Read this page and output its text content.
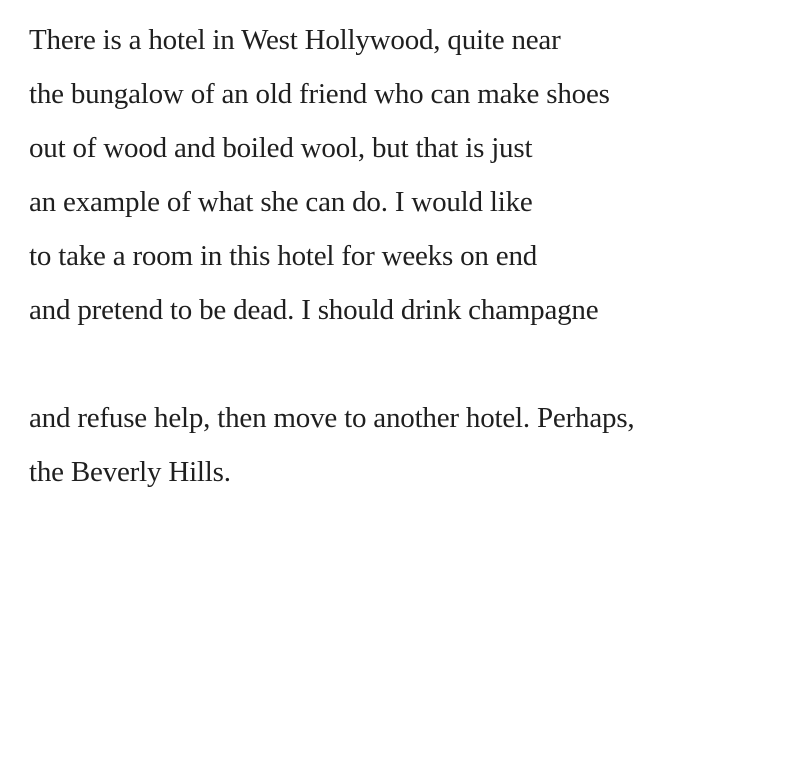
There is a hotel in West Hollywood, quite near
the bungalow of an old friend who can make shoes
out of wood and boiled wool, but that is just
an example of what she can do. I would like
to take a room in this hotel for weeks on end
and pretend to be dead. I should drink champagne
and refuse help, then move to another hotel. Perhaps,
the Beverly Hills.
